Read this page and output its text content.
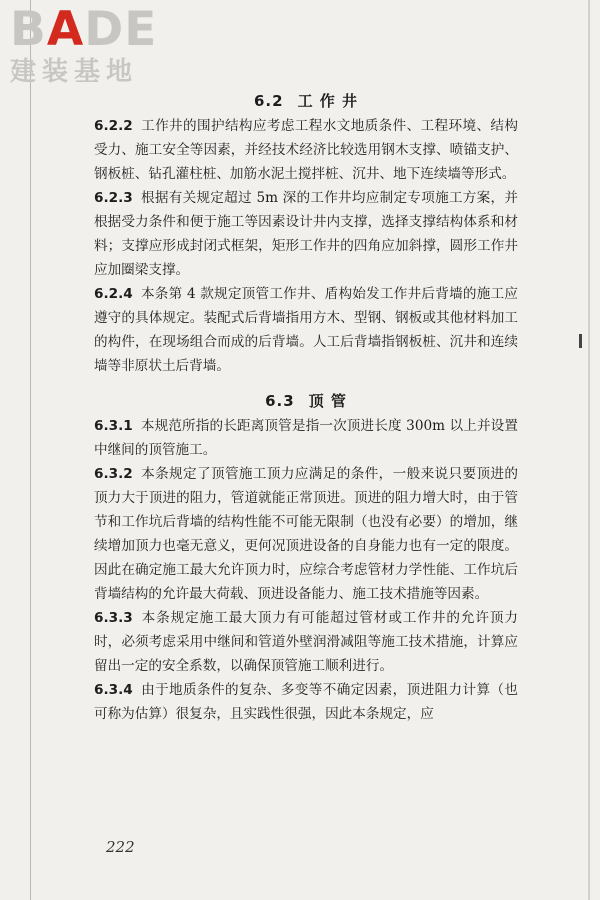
BADE
建装基地
6.2 工 作 井

6.2.2 工作井的围护结构应考虑工程水文地质条件、工程环境、结构受力、施工安全等因素，并经技术经济比较选用钢木支撑、喷锚支护、钢板桩、钻孔灌柱桩、加筋水泥土搅拌桩、沉井、地下连续墙等形式。

6.2.3 根据有关规定超过 5m 深的工作井均应制定专项施工方案，并根据受力条件和便于施工等因素设计井内支撑，选择支撑结构体系和材料；支撑应形成封闭式框架，矩形工作井的四角应加斜撑，圆形工作井应加圈梁支撑。

6.2.4 本条第 4 款规定顶管工作井、盾构始发工作井后背墙的施工应遵守的具体规定。装配式后背墙指用方木、型钢、钢板或其他材料加工的构件，在现场组合而成的后背墙。人工后背墙指钢板桩、沉井和连续墙等非原状土后背墙。

6.3 顶 管

6.3.1 本规范所指的长距离顶管是指一次顶进长度 300m 以上并设置中继间的顶管施工。

6.3.2 本条规定了顶管施工顶力应满足的条件，一般来说只要顶进的顶力大于顶进的阻力，管道就能正常顶进。顶进的阻力增大时，由于管节和工作坑后背墙的结构性能不可能无限制（也没有必要）的增加，继续增加顶力也毫无意义，更何况顶进设备的自身能力也有一定的限度。因此在确定施工最大允许顶力时，应综合考虑管材力学性能、工作坑后背墙结构的允许最大荷载、顶进设备能力、施工技术措施等因素。

6.3.3 本条规定施工最大顶力有可能超过管材或工作井的允许顶力时，必须考虑采用中继间和管道外壁润滑减阻等施工技术措施，计算应留出一定的安全系数，以确保顶管施工顺利进行。

6.3.4 由于地质条件的复杂、多变等不确定因素，顶进阻力计算（也可称为估算）很复杂，且实践性很强，因此本条规定，应

222
